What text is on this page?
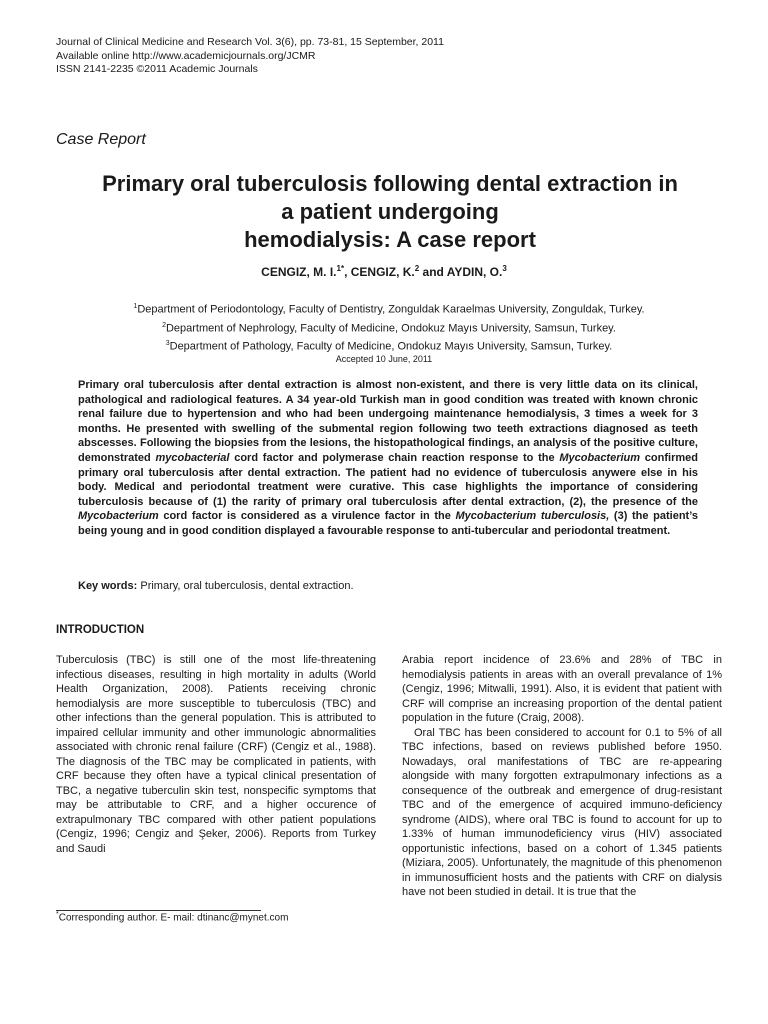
Journal of Clinical Medicine and Research Vol. 3(6), pp. 73-81, 15 September, 2011
Available online http://www.academicjournals.org/JCMR
ISSN 2141-2235 ©2011 Academic Journals
Case Report
Primary oral tuberculosis following dental extraction in
a patient undergoing
hemodialysis: A case report
CENGIZ, M. I.$^{1*}$, CENGIZ, K.$^2$ and AYDIN, O.$^3$
$^1$Department of Periodontology, Faculty of Dentistry, Zonguldak Karaelmas University, Zonguldak, Turkey.
$^2$Department of Nephrology, Faculty of Medicine, Ondokuz Mayıs University, Samsun, Turkey.
$^3$Department of Pathology, Faculty of Medicine, Ondokuz Mayıs University, Samsun, Turkey.
Accepted 10 June, 2011
Primary oral tuberculosis after dental extraction is almost non-existent, and there is very little data on its clinical, pathological and radiological features. A 34 year-old Turkish man in good condition was treated with known chronic renal failure due to hypertension and who had been undergoing maintenance hemodialysis, 3 times a week for 3 months. He presented with swelling of the submental region following two teeth extractions diagnosed as teeth abscesses. Following the biopsies from the lesions, the histopathological findings, an analysis of the positive culture, demonstrated mycobacterial cord factor and polymerase chain reaction response to the Mycobacterium confirmed primary oral tuberculosis after dental extraction. The patient had no evidence of tuberculosis anywere else in his body. Medical and periodontal treatment were curative. This case highlights the importance of considering tuberculosis because of (1) the rarity of primary oral tuberculosis after dental extraction, (2), the presence of the Mycobacterium cord factor is considered as a virulence factor in the Mycobacterium tuberculosis, (3) the patient’s being young and in good condition displayed a favourable response to anti-tubercular and periodontal treatment.
Key words: Primary, oral tuberculosis, dental extraction.
INTRODUCTION

Tuberculosis (TBC) is still one of the most life-threatening infectious diseases, resulting in high mortality in adults (World Health Organization, 2008). Patients receiving chronic hemodialysis are more susceptible to tuberculosis (TBC) and other infections than the general population. This is attributed to impaired cellular immunity and other immunologic abnormalities associated with chronic renal failure (CRF) (Cengiz et al., 1988). The diagnosis of the TBC may be complicated in patients, with CRF because they often have a typical clinical presentation of TBC, a negative tuberculin skin test, nonspecific symptoms that may be attributable to CRF, and a higher occurence of extrapulmonary TBC compared with other patient populations (Cengiz, 1996; Cengiz and Şeker, 2006). Reports from Turkey and Saudi

Arabia report incidence of 23.6% and 28% of TBC in hemodialysis patients in areas with an overall prevalance of 1% (Cengiz, 1996; Mitwalli, 1991). Also, it is evident that patient with CRF will comprise an increasing proportion of the dental patient population in the future (Craig, 2008).

Oral TBC has been considered to account for 0.1 to 5% of all TBC infections, based on reviews published before 1950. Nowadays, oral manifestations of TBC are re-appearing alongside with many forgotten extrapulmonary infections as a consequence of the outbreak and emergence of drug-resistant TBC and of the emergence of acquired immuno-deficiency syndrome (AIDS), where oral TBC is found to account for up to 1.33% of human immunodeficiency virus (HIV) associated opportunistic infections, based on a cohort of 1.345 patients (Miziara, 2005). Unfortunately, the magnitude of this phenomenon in immunosufficient hosts and the patients with CRF on dialysis have not been studied in detail. It is true that the

*Corresponding author. E- mail: dtinanc@mynet.com
